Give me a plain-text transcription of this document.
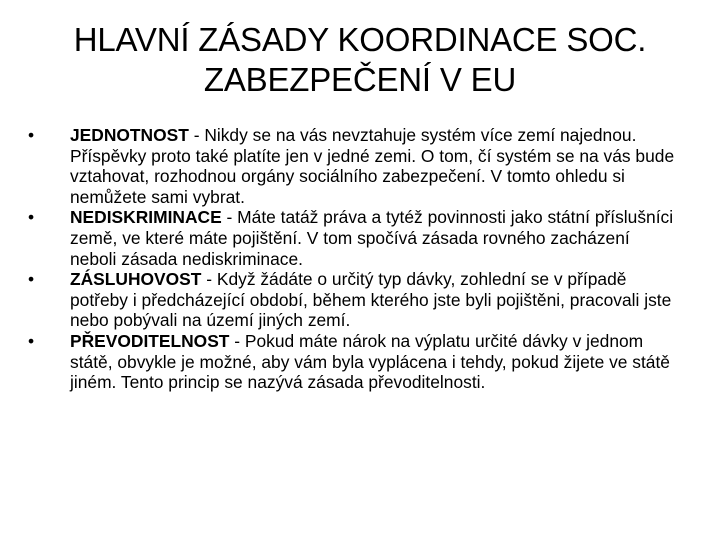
HLAVNÍ ZÁSADY KOORDINACE SOC.
ZABEZPEČENÍ V EU
•	JEDNOTNOST - Nikdy se na vás nevztahuje systém více zemí najednou. Příspěvky proto také platíte jen v jedné zemi. O tom, čí systém se na vás bude vztahovat, rozhodnou orgány sociálního zabezpečení. V tomto ohledu si nemůžete sami vybrat.
•	NEDISKRIMINACE - Máte tatáž práva a tytéž povinnosti jako státní příslušníci země, ve které máte pojištění. V tom spočívá zásada rovného zacházení neboli zásada nediskriminace.
•	ZÁSLUHOVOST - Když žádáte o určitý typ dávky, zohlední se v případě potřeby i předcházející období, během kterého jste byli pojištěni, pracovali jste nebo pobývali na území jiných zemí.
•	PŘEVODITELNOST - Pokud máte nárok na výplatu určité dávky v jednom státě, obvykle je možné, aby vám byla vyplácena i tehdy, pokud žijete ve státě jiném. Tento princip se nazývá zásada převoditelnosti.
